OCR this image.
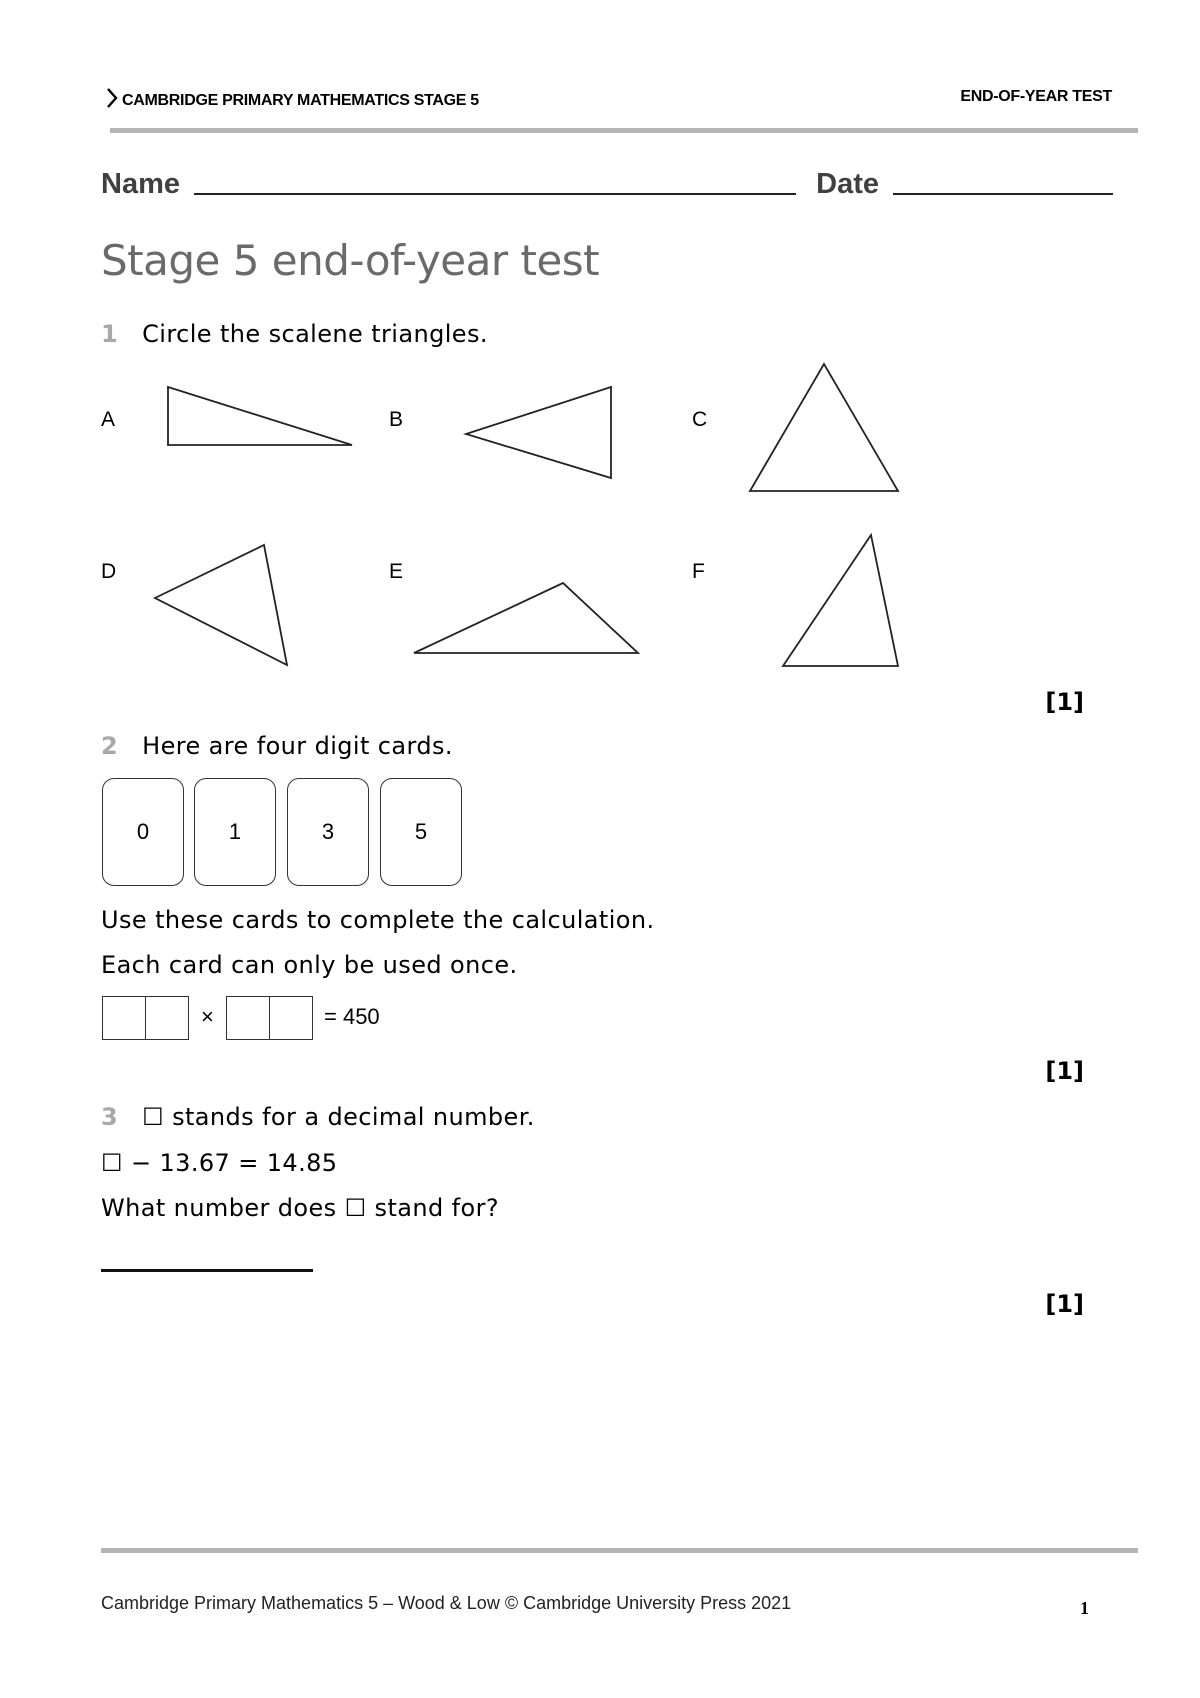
CAMBRIDGE PRIMARY MATHEMATICS STAGE 5	END-OF-YEAR TEST
Name	Date
Stage 5 end-of-year test
1 Circle the scalene triangles.
A	B	C
D	E	F
[1]
2 Here are four digit cards.
0	1	3	5
Use these cards to complete the calculation.
Each card can only be used once.
×	= 450
[1]
3 ☐ stands for a decimal number.
☐ − 13.67 = 14.85
What number does ☐ stand for?
[1]
Cambridge Primary Mathematics 5 – Wood & Low © Cambridge University Press 2021	1
